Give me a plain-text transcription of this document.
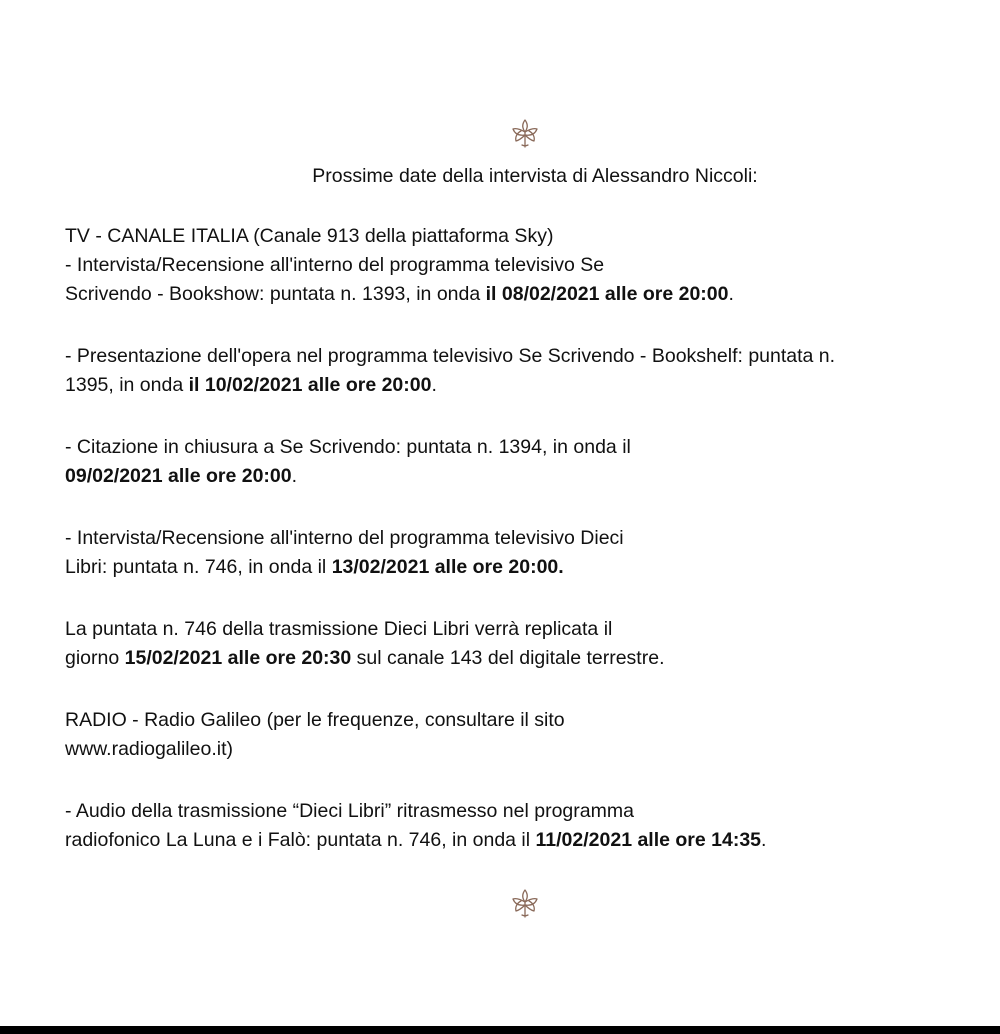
Prossime date della intervista di Alessandro Niccoli:
TV - CANALE ITALIA (Canale 913 della piattaforma Sky)
- Intervista/Recensione all'interno del programma televisivo Se
Scrivendo - Bookshow: puntata n. 1393, in onda il 08/02/2021 alle ore 20:00.
- Presentazione dell'opera nel programma televisivo Se Scrivendo - Bookshelf: puntata n.
1395, in onda il 10/02/2021 alle ore 20:00.
- Citazione in chiusura a Se Scrivendo: puntata n. 1394, in onda il
09/02/2021 alle ore 20:00.
- Intervista/Recensione all'interno del programma televisivo Dieci
Libri: puntata n. 746, in onda il 13/02/2021 alle ore 20:00.
La puntata n. 746 della trasmissione Dieci Libri verrà replicata il
giorno 15/02/2021 alle ore 20:30 sul canale 143 del digitale terrestre.
RADIO - Radio Galileo (per le frequenze, consultare il sito
www.radiogalileo.it)
- Audio della trasmissione “Dieci Libri” ritrasmesso nel programma
radiofonico La Luna e i Falò: puntata n. 746, in onda il 11/02/2021 alle ore 14:35.
